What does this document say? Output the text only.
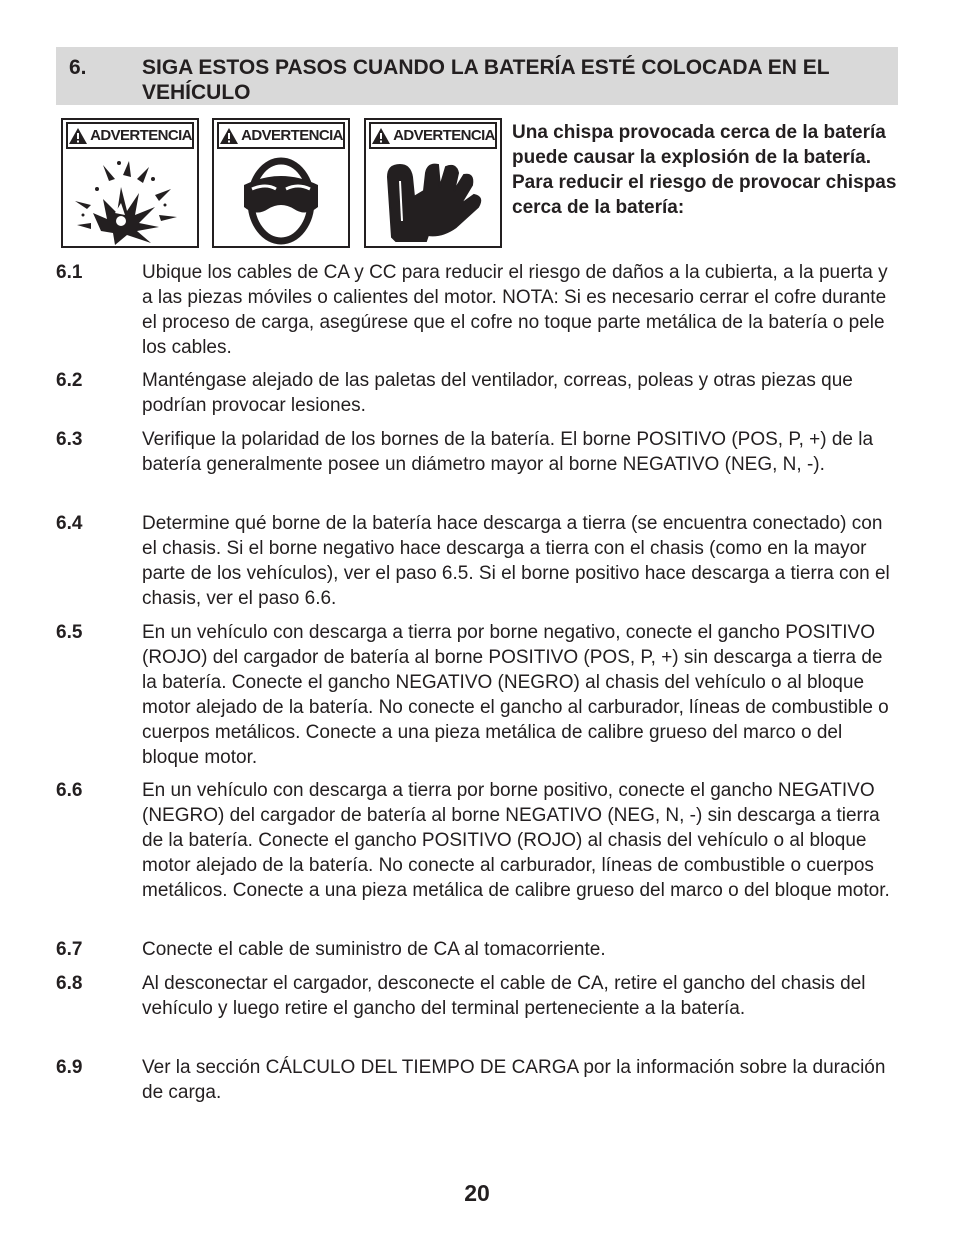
6.	SIGA ESTOS PASOS CUANDO LA BATERÍA ESTÉ COLOCADA EN EL VEHÍCULO
ADVERTENCIA	ADVERTENCIA	ADVERTENCIA Una chispa provocada cerca de la batería puede causar la explosión de la batería. Para reducir el riesgo de provocar chispas cerca de la batería:
6.1	Ubique los cables de CA y CC para reducir el riesgo de daños a la cubierta, a la puerta y a las piezas móviles o calientes del motor. NOTA: Si es necesario cerrar el cofre durante el proceso de carga, asegúrese que el cofre no toque parte metálica de la batería o pele los cables.
6.2	Manténgase alejado de las paletas del ventilador, correas, poleas y otras piezas que podrían provocar lesiones.
6.3	Verifique la polaridad de los bornes de la batería. El borne POSITIVO (POS, P, +) de la batería generalmente posee un diámetro mayor al borne NEGATIVO (NEG, N, -).
6.4	Determine qué borne de la batería hace descarga a tierra (se encuentra conectado) con el chasis. Si el borne negativo hace descarga a tierra con el chasis (como en la mayor parte de los vehículos), ver el paso 6.5. Si el borne positivo hace descarga a tierra con el chasis, ver el paso 6.6.
6.5	En un vehículo con descarga a tierra por borne negativo, conecte el gancho POSITIVO (ROJO) del cargador de batería al borne POSITIVO (POS, P, +) sin descarga a tierra de la batería. Conecte el gancho NEGATIVO (NEGRO) al chasis del vehículo o al bloque motor alejado de la batería. No conecte el gancho al carburador, líneas de combustible o cuerpos metálicos. Conecte a una pieza metálica de calibre grueso del marco o del bloque motor.
6.6	En un vehículo con descarga a tierra por borne positivo, conecte el gancho NEGATIVO (NEGRO) del cargador de batería al borne NEGATIVO (NEG, N, -) sin descarga a tierra de la batería. Conecte el gancho POSITIVO (ROJO) al chasis del vehículo o al bloque motor alejado de la batería. No conecte al carburador, líneas de combustible o cuerpos metálicos. Conecte a una pieza metálica de calibre grueso del marco o del bloque motor.
6.7	Conecte el cable de suministro de CA al tomacorriente.
6.8	Al desconectar el cargador, desconecte el cable de CA, retire el gancho del chasis del vehículo y luego retire el gancho del terminal perteneciente a la batería.
6.9	Ver la sección CÁLCULO DEL TIEMPO DE CARGA por la información sobre la duración de carga.
20
